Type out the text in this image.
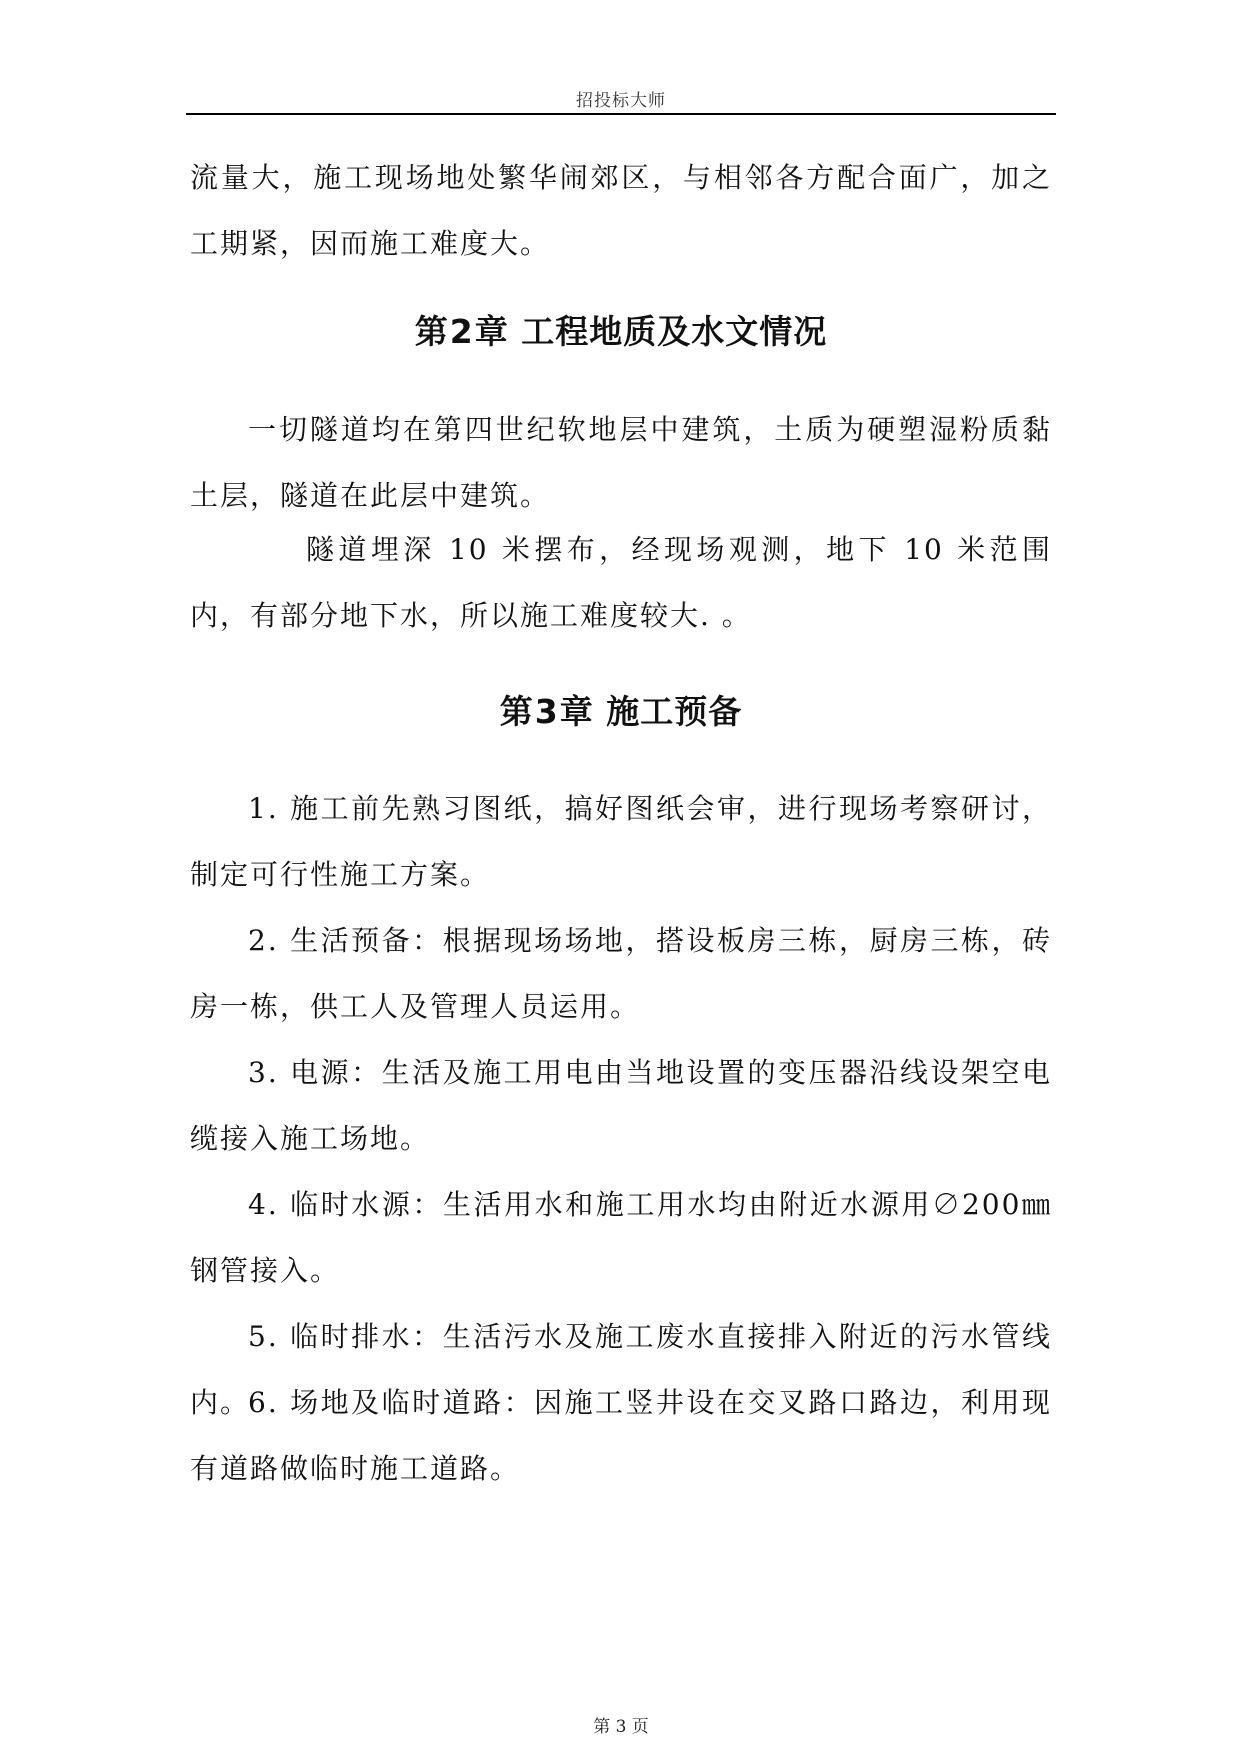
招投标大师

流量大，施工现场地处繁华闹郊区，与相邻各方配合面广，加之工期紧，因而施工难度大。

第2章 工程地质及水文情况

一切隧道均在第四世纪软地层中建筑，土质为硬塑湿粉质黏土层，隧道在此层中建筑。

隧道埋深 10 米摆布，经现场观测，地下 10 米范围内，有部分地下水，所以施工难度较大. 。

第3章 施工预备

1. 施工前先熟习图纸，搞好图纸会审，进行现场考察研讨，制定可行性施工方案。

2. 生活预备：根据现场场地，搭设板房三栋，厨房三栋，砖房一栋，供工人及管理人员运用。

3. 电源：生活及施工用电由当地设置的变压器沿线设架空电缆接入施工场地。

4. 临时水源：生活用水和施工用水均由附近水源用∅200㎜ 钢管接入。

5. 临时排水：生活污水及施工废水直接排入附近的污水管线内。

6. 场地及临时道路：因施工竖井设在交叉路口路边，利用现有道路做临时施工道路。

第 3 页
